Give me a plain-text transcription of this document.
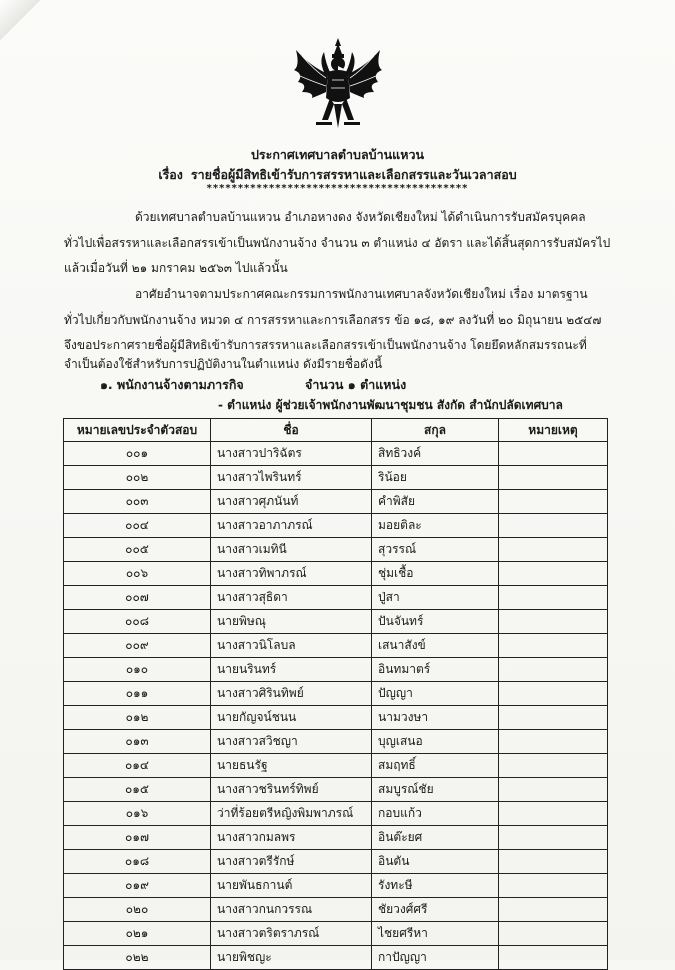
ประกาศเทศบาลตำบลบ้านแหวน
เรื่อง รายชื่อผู้มีสิทธิเข้ารับการสรรหาและเลือกสรรและวันเวลาสอบ
******************************************
ด้วยเทศบาลตำบลบ้านแหวน อำเภอหางดง จังหวัดเชียงใหม่ ได้ดำเนินการรับสมัครบุคคล
ทั่วไปเพื่อสรรหาและเลือกสรรเข้าเป็นพนักงานจ้าง จำนวน ๓ ตำแหน่ง ๔ อัตรา และได้สิ้นสุดการรับสมัครไป
แล้วเมื่อวันที่ ๒๑ มกราคม ๒๕๖๓ ไปแล้วนั้น
อาศัยอำนาจตามประกาศคณะกรรมการพนักงานเทศบาลจังหวัดเชียงใหม่ เรื่อง มาตรฐาน
ทั่วไปเกี่ยวกับพนักงานจ้าง หมวด ๔ การสรรหาและการเลือกสรร ข้อ ๑๘, ๑๙ ลงวันที่ ๒๐ มิถุนายน ๒๕๔๗
จึงขอประกาศรายชื่อผู้มีสิทธิเข้ารับการสรรหาและเลือกสรรเข้าเป็นพนักงานจ้าง โดยยึดหลักสมรรถนะที่
จำเป็นต้องใช้สำหรับการปฏิบัติงานในตำแหน่ง ดังมีรายชื่อดังนี้
๑. พนักงานจ้างตามภารกิจ	จำนวน ๑ ตำแหน่ง
- ตำแหน่ง ผู้ช่วยเจ้าพนักงานพัฒนาชุมชน สังกัด สำนักปลัดเทศบาล
หมายเลขประจำตัวสอบ	ชื่อ	สกุล	หมายเหตุ
๐๐๑	นางสาวปาริฉัตร	สิทธิวงค์	
๐๐๒	นางสาวไพรินทร์	ริน้อย	
๐๐๓	นางสาวศุภนันท์	คำพิสัย	
๐๐๔	นางสาวอาภาภรณ์	มอยติละ	
๐๐๕	นางสาวเมทินี	สุวรรณ์	
๐๐๖	นางสาวทิพาภรณ์	ชุ่มเชื้อ	
๐๐๗	นางสาวสุธิดา	ปู่สา	
๐๐๘	นายพิษณุ	ปันจันทร์	
๐๐๙	นางสาวนิโลบล	เสนาสังข์	
๐๑๐	นายนรินทร์	อินทมาตร์	
๐๑๑	นางสาวศิรินทิพย์	ปัญญา	
๐๑๒	นายกัญจน์ชนน	นามวงษา	
๐๑๓	นางสาวสวิชญา	บุญเสนอ	
๐๑๔	นายธนรัฐ	สมฤทธิ์	
๐๑๕	นางสาวชรินทร์ทิพย์	สมบูรณ์ชัย	
๐๑๖	ว่าที่ร้อยตรีหญิงพิมพาภรณ์	กอบแก้ว	
๐๑๗	นางสาวกมลพร	อินต๊ะยศ	
๐๑๘	นางสาวตรีรักษ์	อินตัน	
๐๑๙	นายพันธกานต์	รังทะษี	
๐๒๐	นางสาวกนกวรรณ	ชัยวงศ์ศรี	
๐๒๑	นางสาวตริตราภรณ์	ไชยศรีหา	
๐๒๒	นายพิชญะ	กาปัญญา	
